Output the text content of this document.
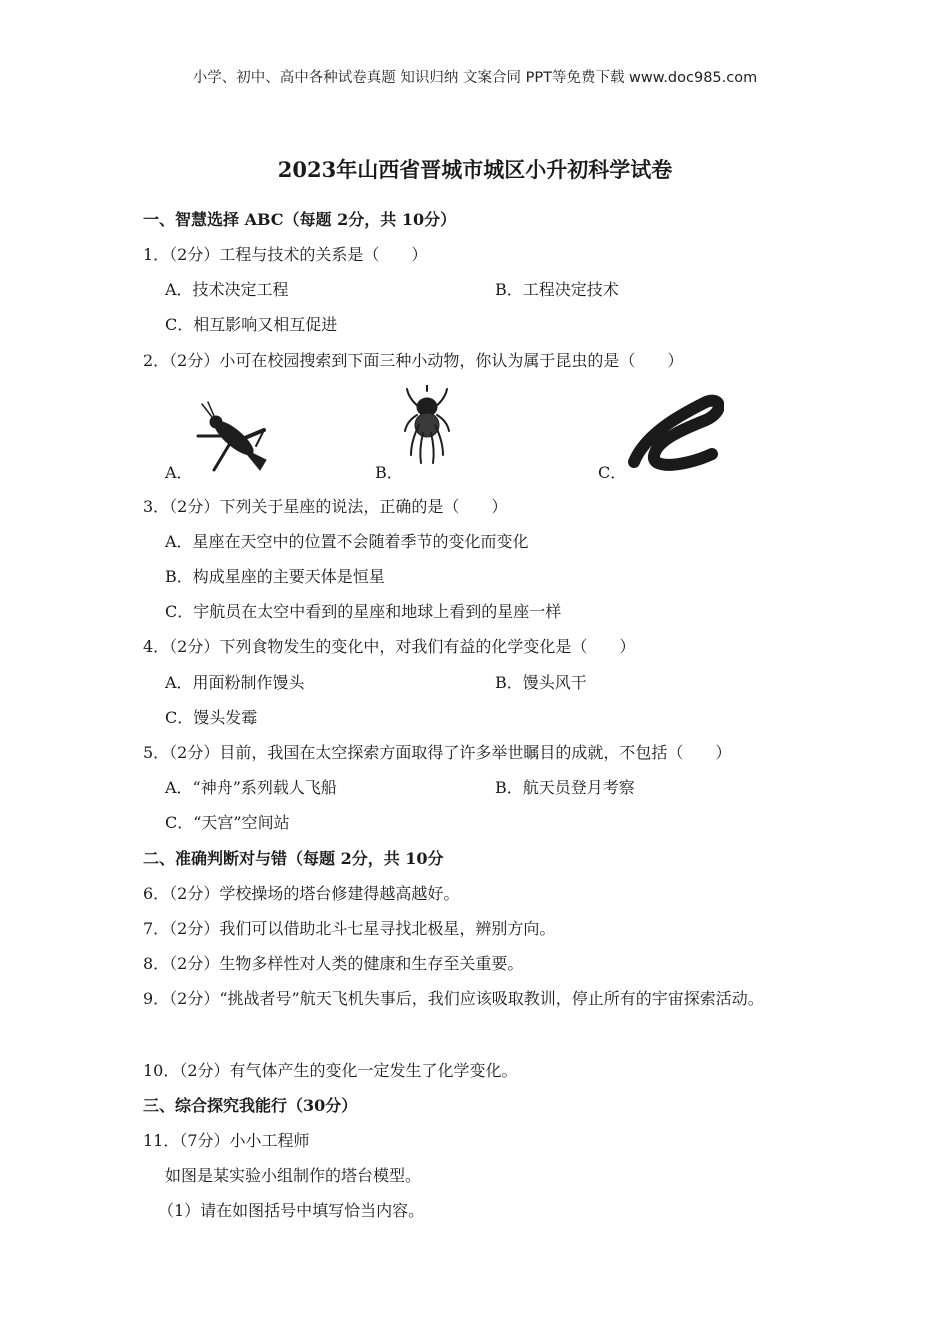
小学、初中、高中各种试卷真题 知识归纳 文案合同 PPT等免费下载 www.doc985.com
2023年山西省晋城市城区小升初科学试卷
一、智慧选择 ABC（每题 2分，共 10分）
1．（2分）工程与技术的关系是（　　）
A．技术决定工程	B．工程决定技术
C．相互影响又相互促进
2．（2分）小可在校园搜索到下面三种小动物，你认为属于昆虫的是（　　）
A．	B．	C．
3．（2分）下列关于星座的说法，正确的是（　　）
A．星座在天空中的位置不会随着季节的变化而变化
B．构成星座的主要天体是恒星
C．宇航员在太空中看到的星座和地球上看到的星座一样
4．（2分）下列食物发生的变化中，对我们有益的化学变化是（　　）
A．用面粉制作馒头	B．馒头风干
C．馒头发霉
5．（2分）目前，我国在太空探索方面取得了许多举世瞩目的成就，不包括（　　）
A．“神舟”系列载人飞船	B．航天员登月考察
C．“天宫”空间站
二、准确判断对与错（每题 2分，共 10分
6．（2分）学校操场的塔台修建得越高越好。
7．（2分）我们可以借助北斗七星寻找北极星，辨别方向。
8．（2分）生物多样性对人类的健康和生存至关重要。
9．（2分）“挑战者号”航天飞机失事后，我们应该吸取教训，停止所有的宇宙探索活动。
10．（2分）有气体产生的变化一定发生了化学变化。
三、综合探究我能行（30分）
11．（7分）小小工程师
如图是某实验小组制作的塔台模型。
（1）请在如图括号中填写恰当内容。
